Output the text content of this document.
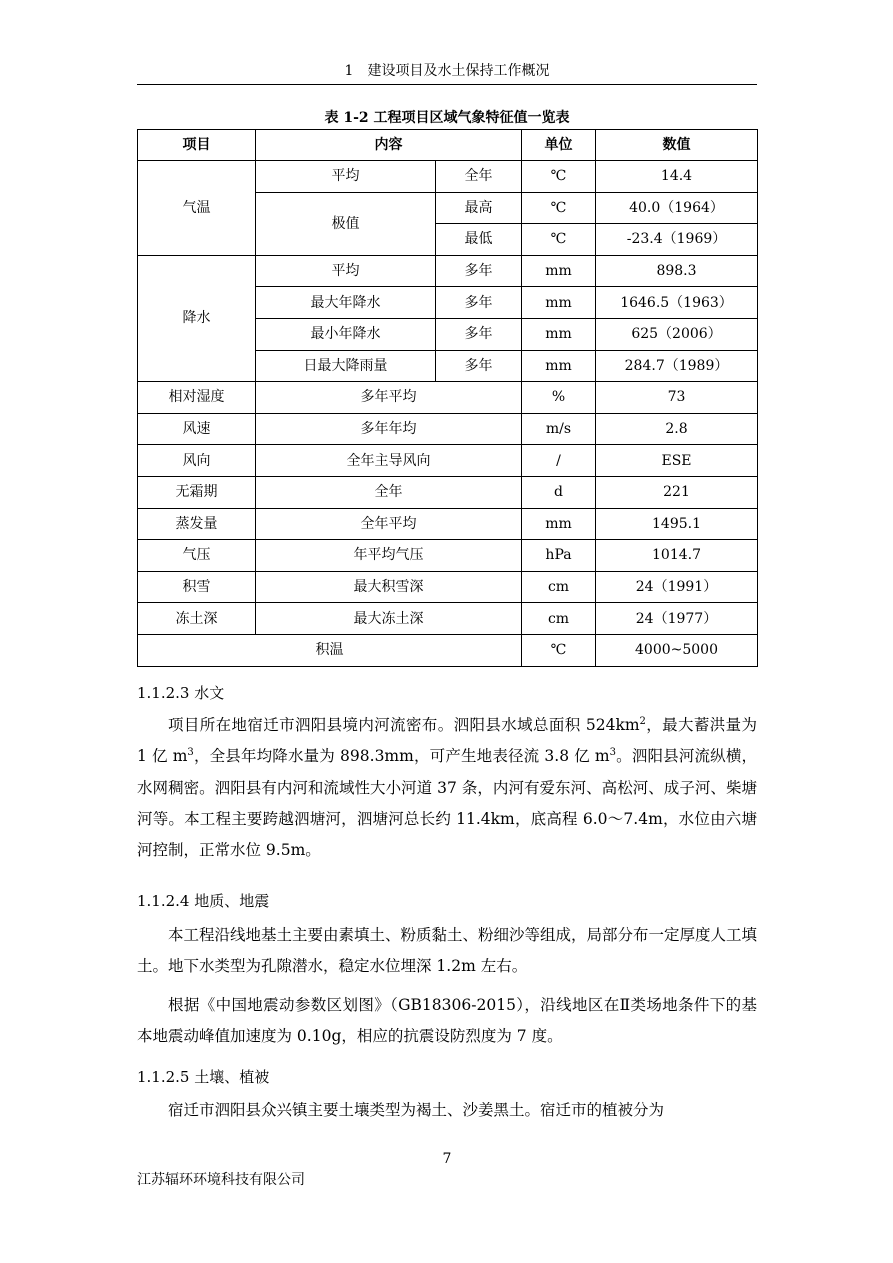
1　建设项目及水土保持工作概况
表 1-2 工程项目区域气象特征值一览表
项目	内容		单位	数值
气温	平均	全年	℃	14.4
	极值	最高	℃	40.0（1964）
		最低	℃	-23.4（1969）
降水	平均	多年	mm	898.3
	最大年降水	多年	mm	1646.5（1963）
	最小年降水	多年	mm	625（2006）
	日最大降雨量	多年	mm	284.7（1989）
相对湿度	多年平均		%	73
风速	多年年均		m/s	2.8
风向	全年主导风向		/	ESE
无霜期	全年		d	221
蒸发量	全年平均		mm	1495.1
气压	年平均气压		hPa	1014.7
积雪	最大积雪深		cm	24（1991）
冻土深	最大冻土深		cm	24（1977）
积温			℃	4000~5000
1.1.2.3 水文

项目所在地宿迁市泗阳县境内河流密布。泗阳县水域总面积 $524km^2$，最大蓄洪量为 1 亿 $m^3$，全县年均降水量为 898.3mm，可产生地表径流 3.8 亿 $m^3$。泗阳县河流纵横，水网稠密。泗阳县有内河和流域性大小河道 37 条，内河有爱东河、高松河、成子河、柴塘河等。本工程主要跨越泗塘河，泗塘河总长约 11.4km，底高程 6.0～7.4m，水位由六塘河控制，正常水位 9.5m。

1.1.2.4 地质、地震

本工程沿线地基土主要由素填土、粉质黏土、粉细沙等组成，局部分布一定厚度人工填土。地下水类型为孔隙潜水，稳定水位埋深 1.2m 左右。

根据《中国地震动参数区划图》（GB18306-2015），沿线地区在Ⅱ类场地条件下的基本地震动峰值加速度为 0.10g，相应的抗震设防烈度为 7 度。

1.1.2.5 土壤、植被

宿迁市泗阳县众兴镇主要土壤类型为褐土、沙姜黑土。宿迁市的植被分为

7
江苏辐环环境科技有限公司
